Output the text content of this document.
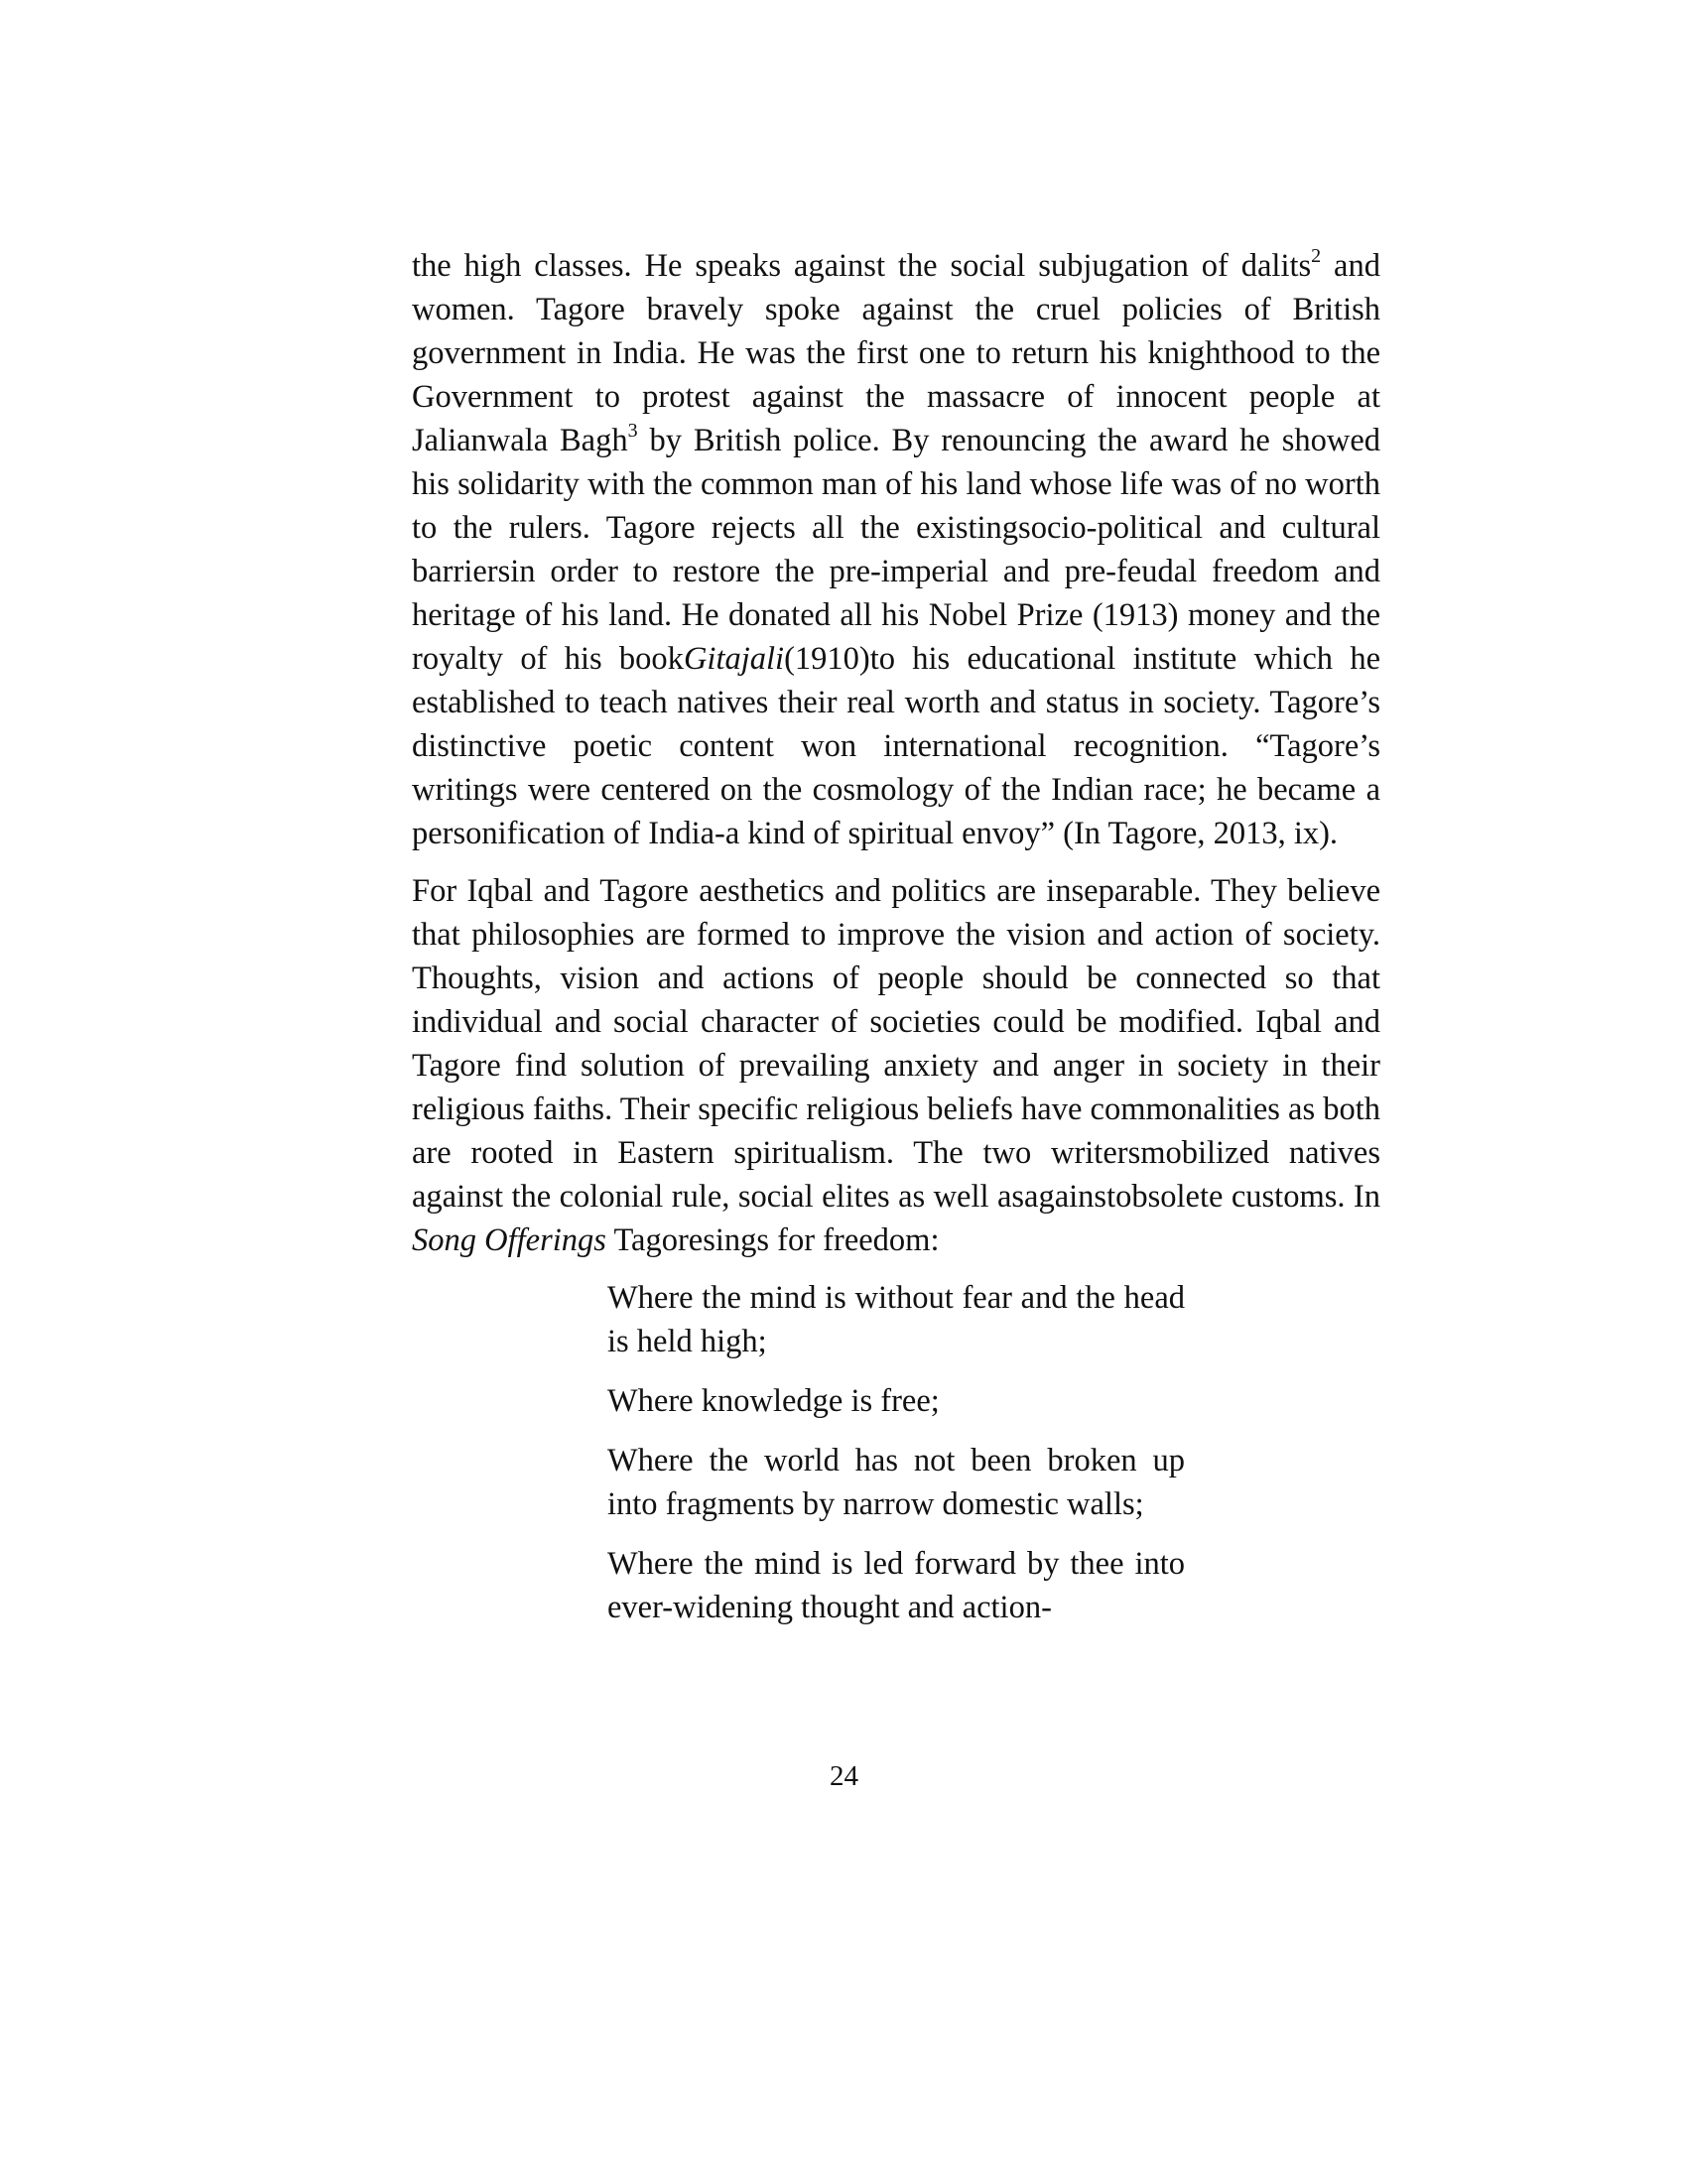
the high classes. He speaks against the social subjugation of dalits$^2$ and women. Tagore bravely spoke against the cruel policies of British government in India. He was the first one to return his knighthood to the Government to protest against the massacre of innocent people at Jalianwala Bagh$^3$ by British police. By renouncing the award he showed his solidarity with the common man of his land whose life was of no worth to the rulers. Tagore rejects all the existingsocio-political and cultural barriersin order to restore the pre-imperial and pre-feudal freedom and heritage of his land. He donated all his Nobel Prize (1913) money and the royalty of his bookGitajali(1910)to his educational institute which he established to teach natives their real worth and status in society. Tagore’s distinctive poetic content won international recognition. “Tagore’s writings were centered on the cosmology of the Indian race; he became a personification of India-a kind of spiritual envoy” (In Tagore, 2013, ix).

For Iqbal and Tagore aesthetics and politics are inseparable. They believe that philosophies are formed to improve the vision and action of society. Thoughts, vision and actions of people should be connected so that individual and social character of societies could be modified. Iqbal and Tagore find solution of prevailing anxiety and anger in society in their religious faiths. Their specific religious beliefs have commonalities as both are rooted in Eastern spiritualism. The two writersmobilized natives against the colonial rule, social elites as well asagainstobsolete customs. In Song Offerings Tagoresings for freedom:

Where the mind is without fear and the head is held high;

Where knowledge is free;

Where the world has not been broken up into fragments by narrow domestic walls;

Where the mind is led forward by thee into ever-widening thought and action-

24
